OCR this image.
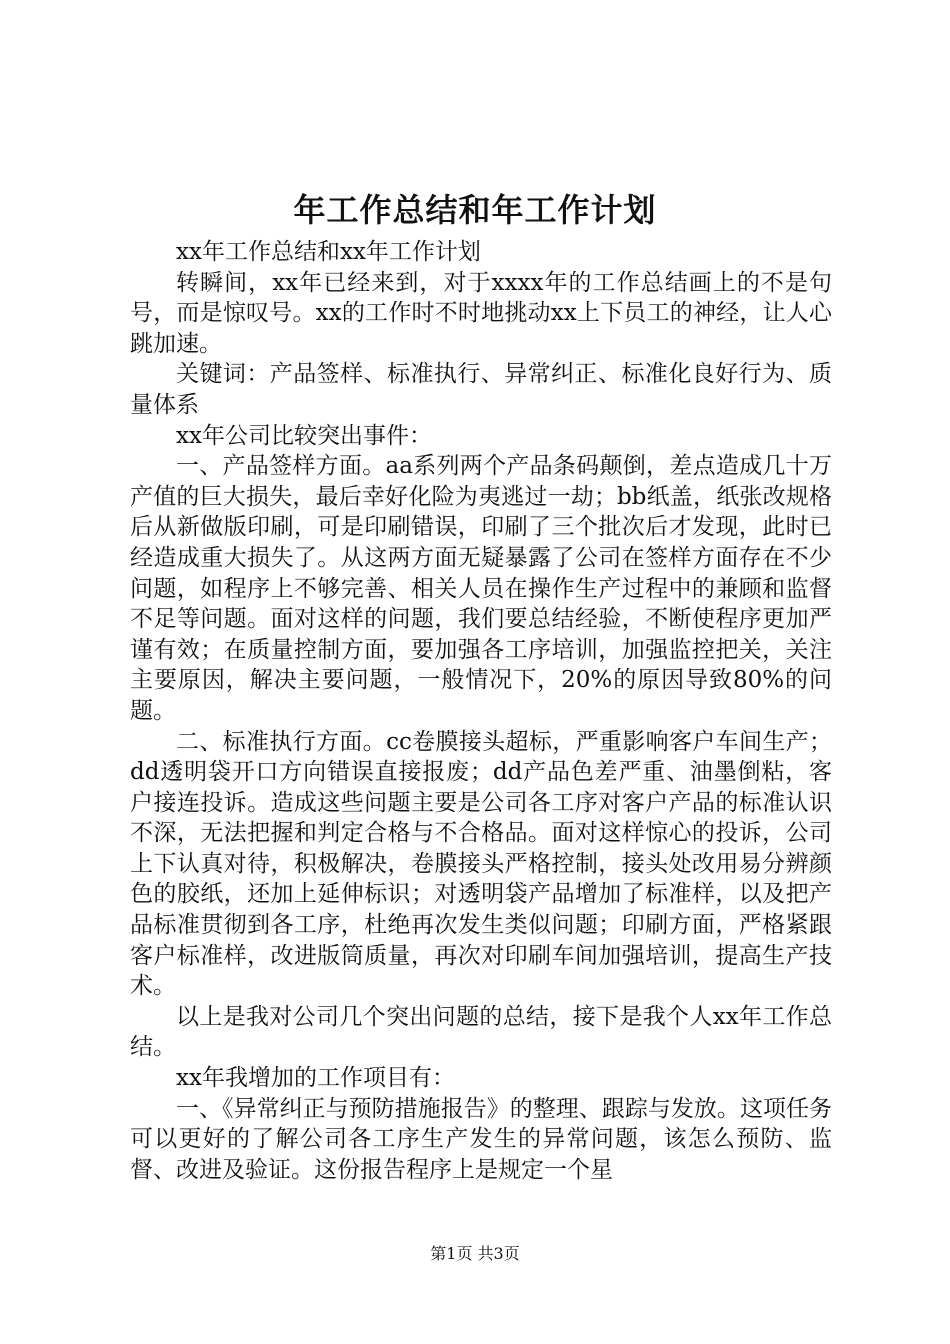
年工作总结和年工作计划

xx年工作总结和xx年工作计划

转瞬间，xx年已经来到，对于xxxx年的工作总结画上的不是句号，而是惊叹号。xx的工作时不时地挑动xx上下员工的神经，让人心跳加速。

关键词：产品签样、标准执行、异常纠正、标准化良好行为、质量体系

xx年公司比较突出事件：

一、产品签样方面。aa系列两个产品条码颠倒，差点造成几十万产值的巨大损失，最后幸好化险为夷逃过一劫；bb纸盖，纸张改规格后从新做版印刷，可是印刷错误，印刷了三个批次后才发现，此时已经造成重大损失了。从这两方面无疑暴露了公司在签样方面存在不少问题，如程序上不够完善、相关人员在操作生产过程中的兼顾和监督不足等问题。面对这样的问题，我们要总结经验，不断使程序更加严谨有效；在质量控制方面，要加强各工序培训，加强监控把关，关注主要原因，解决主要问题，一般情况下，20%的原因导致80%的问题。

二、标准执行方面。cc卷膜接头超标，严重影响客户车间生产；dd透明袋开口方向错误直接报废；dd产品色差严重、油墨倒粘，客户接连投诉。造成这些问题主要是公司各工序对客户产品的标准认识不深，无法把握和判定合格与不合格品。面对这样惊心的投诉，公司上下认真对待，积极解决，卷膜接头严格控制，接头处改用易分辨颜色的胶纸，还加上延伸标识；对透明袋产品增加了标准样，以及把产品标准贯彻到各工序，杜绝再次发生类似问题；印刷方面，严格紧跟客户标准样，改进版筒质量，再次对印刷车间加强培训，提高生产技术。

以上是我对公司几个突出问题的总结，接下是我个人xx年工作总结。

xx年我增加的工作项目有：

一、《异常纠正与预防措施报告》的整理、跟踪与发放。这项任务可以更好的了解公司各工序生产发生的异常问题，该怎么预防、监督、改进及验证。这份报告程序上是规定一个星

第1页 共3页
